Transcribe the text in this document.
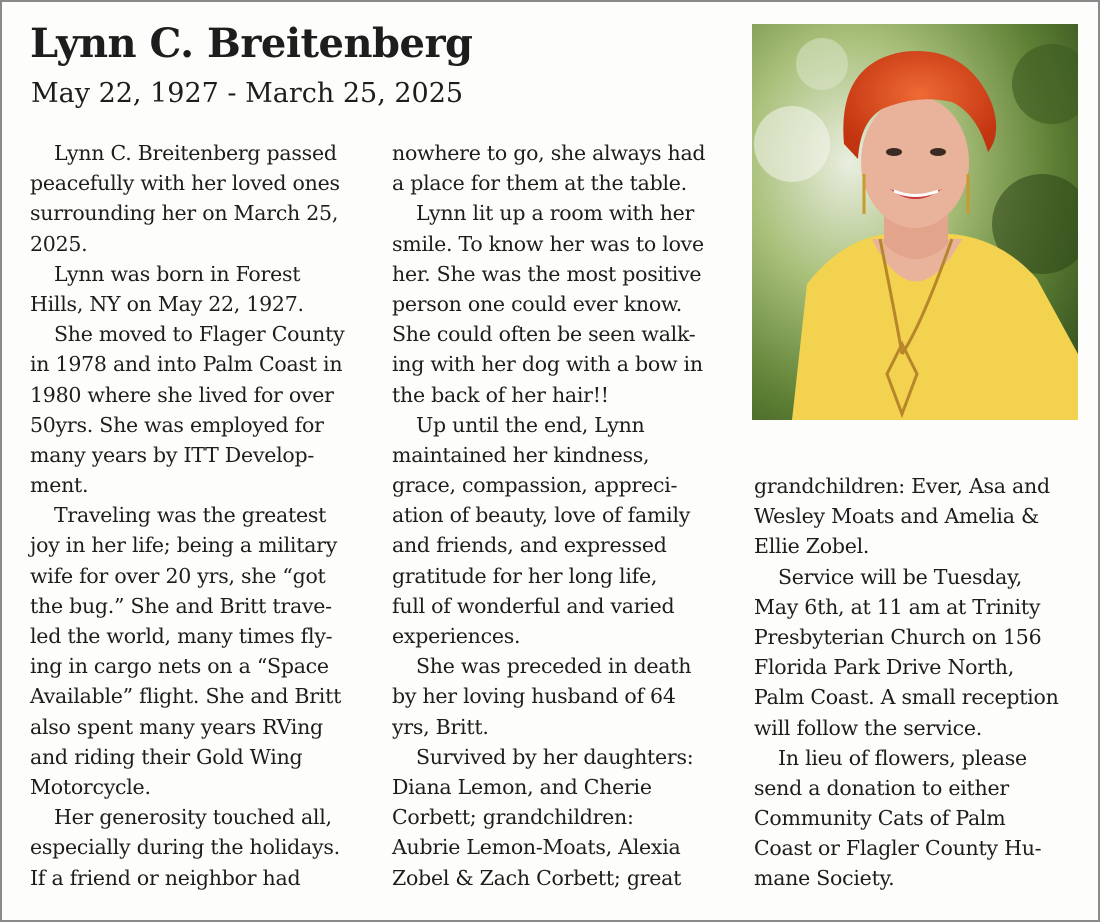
Lynn C. Breitenberg
May 22, 1927 - March 25, 2025
Lynn C. Breitenberg passed
peacefully with her loved ones
surrounding her on March 25,
2025.
Lynn was born in Forest
Hills, NY on May 22, 1927.
She moved to Flager County
in 1978 and into Palm Coast in
1980 where she lived for over
50yrs. She was employed for
many years by ITT Develop-
ment.
Traveling was the greatest
joy in her life; being a military
wife for over 20 yrs, she “got
the bug.” She and Britt trave-
led the world, many times fly-
ing in cargo nets on a “Space
Available” flight. She and Britt
also spent many years RVing
and riding their Gold Wing
Motorcycle.
Her generosity touched all,
especially during the holidays.
If a friend or neighbor had
nowhere to go, she always had
a place for them at the table.
Lynn lit up a room with her
smile. To know her was to love
her. She was the most positive
person one could ever know.
She could often be seen walk-
ing with her dog with a bow in
the back of her hair!!
Up until the end, Lynn
maintained her kindness,
grace, compassion, appreci-
ation of beauty, love of family
and friends, and expressed
gratitude for her long life,
full of wonderful and varied
experiences.
She was preceded in death
by her loving husband of 64
yrs, Britt.
Survived by her daughters:
Diana Lemon, and Cherie
Corbett; grandchildren:
Aubrie Lemon-Moats, Alexia
Zobel & Zach Corbett; great
grandchildren: Ever, Asa and
Wesley Moats and Amelia &
Ellie Zobel.
Service will be Tuesday,
May 6th, at 11 am at Trinity
Presbyterian Church on 156
Florida Park Drive North,
Palm Coast. A small reception
will follow the service.
In lieu of flowers, please
send a donation to either
Community Cats of Palm
Coast or Flagler County Hu-
mane Society.
